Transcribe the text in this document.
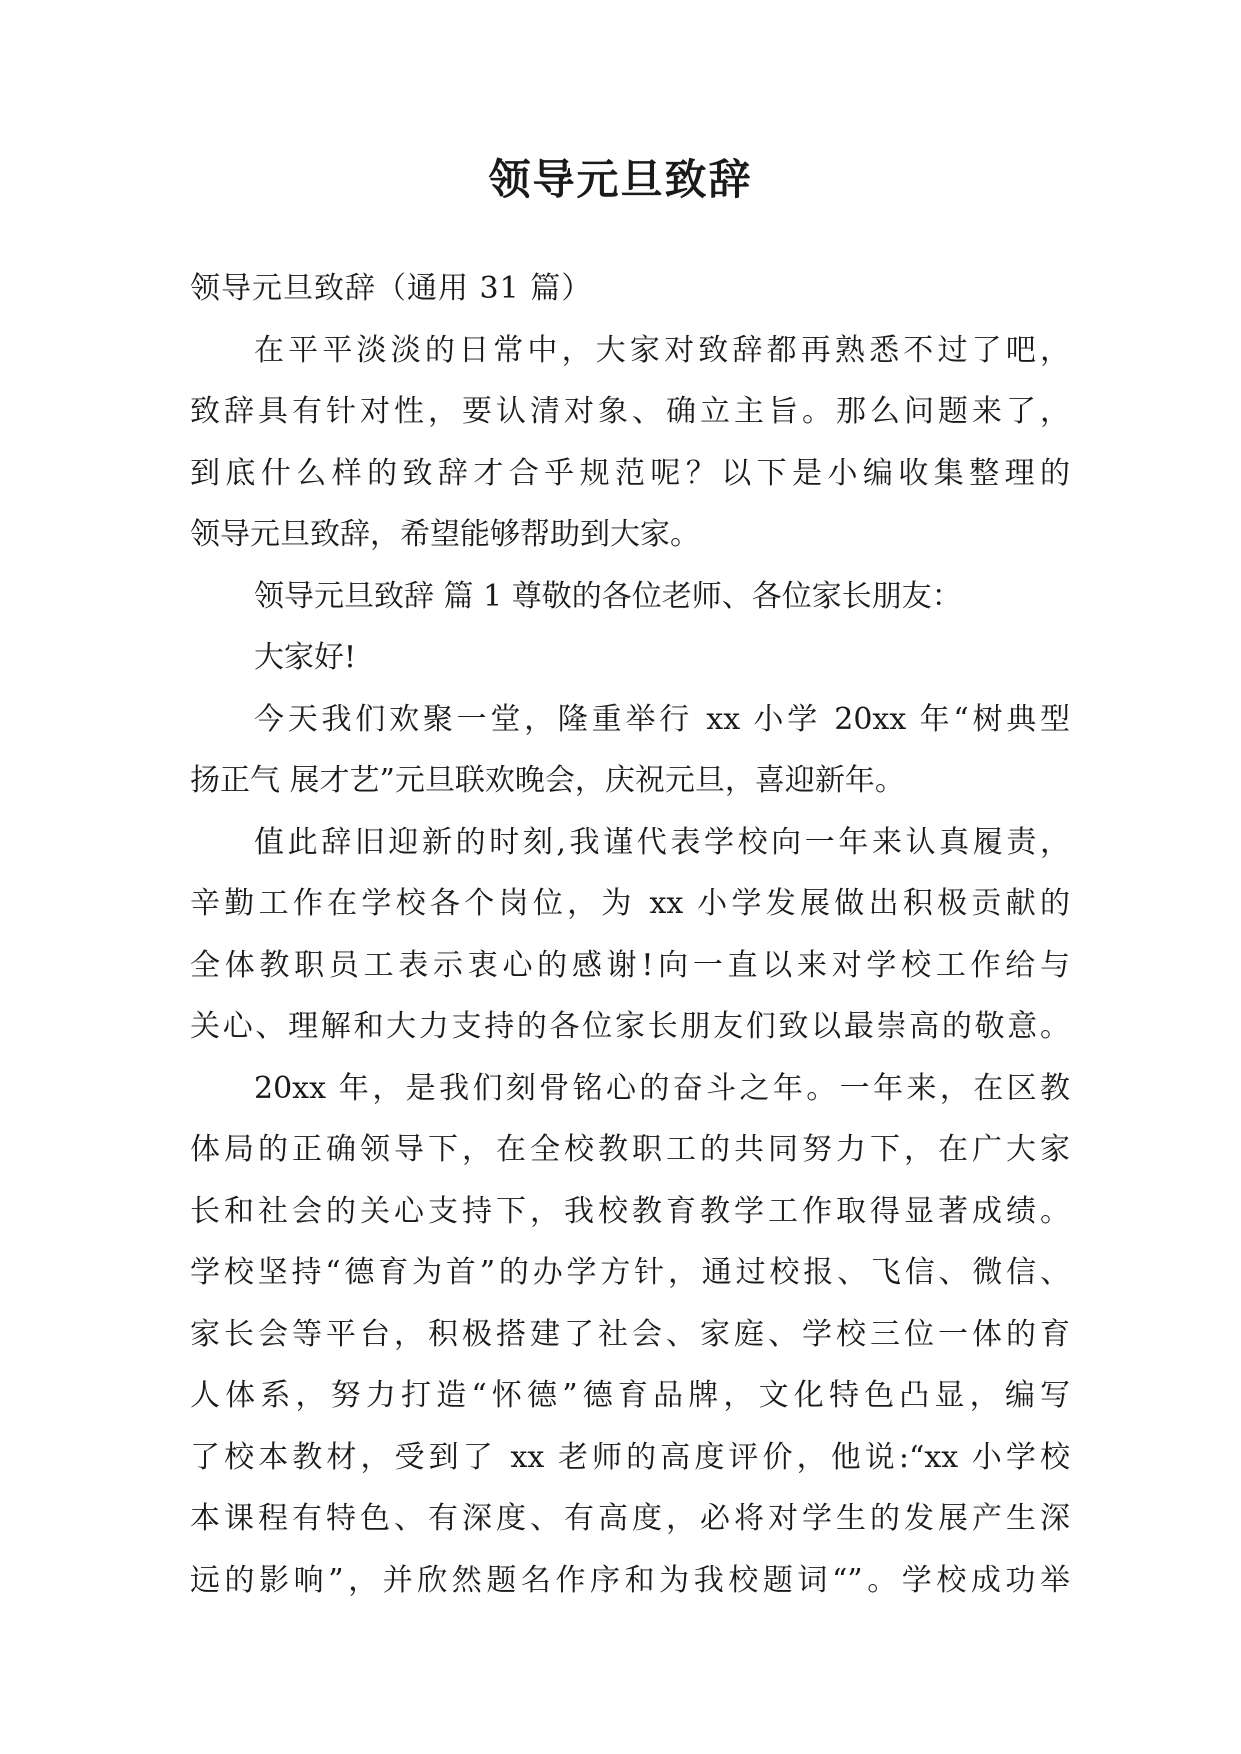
领导元旦致辞
领导元旦致辞（通用 31 篇）
在平平淡淡的日常中，大家对致辞都再熟悉不过了吧，
致辞具有针对性，要认清对象、确立主旨。那么问题来了，
到底什么样的致辞才合乎规范呢？以下是小编收集整理的
领导元旦致辞，希望能够帮助到大家。
领导元旦致辞 篇 1 尊敬的各位老师、各位家长朋友：
大家好!
今天我们欢聚一堂，隆重举行 xx 小学 20xx 年“树典型
扬正气 展才艺”元旦联欢晚会，庆祝元旦，喜迎新年。
值此辞旧迎新的时刻,我谨代表学校向一年来认真履责，
辛勤工作在学校各个岗位，为 xx 小学发展做出积极贡献的
全体教职员工表示衷心的感谢!向一直以来对学校工作给与
关心、理解和大力支持的各位家长朋友们致以最崇高的敬意。
20xx 年，是我们刻骨铭心的奋斗之年。一年来，在区教
体局的正确领导下，在全校教职工的共同努力下，在广大家
长和社会的关心支持下，我校教育教学工作取得显著成绩。
学校坚持“德育为首”的办学方针，通过校报、飞信、微信、
家长会等平台，积极搭建了社会、家庭、学校三位一体的育
人体系，努力打造“怀德”德育品牌，文化特色凸显，编写
了校本教材，受到了 xx 老师的高度评价，他说:“xx 小学校
本课程有特色、有深度、有高度，必将对学生的发展产生深
远的影响”，并欣然题名作序和为我校题词“”。学校成功举
